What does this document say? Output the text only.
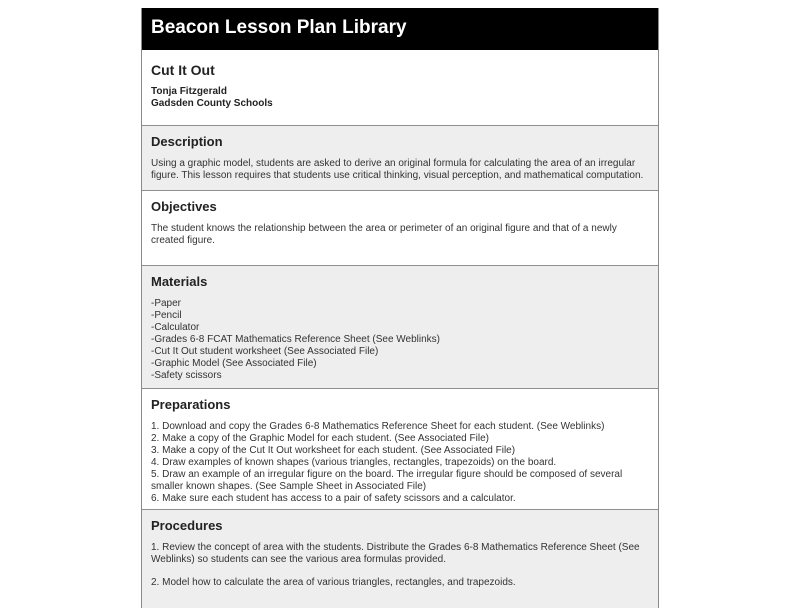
Beacon Lesson Plan Library
Cut It Out
Tonja Fitzgerald
Gadsden County Schools
Description
Using a graphic model, students are asked to derive an original formula for calculating the area of an irregular figure. This lesson requires that students use critical thinking, visual perception, and mathematical computation.
Objectives
The student knows the relationship between the area or perimeter of an original figure and that of a newly created figure.
Materials
-Paper
-Pencil
-Calculator
-Grades 6-8 FCAT Mathematics Reference Sheet (See Weblinks)
-Cut It Out student worksheet (See Associated File)
-Graphic Model (See Associated File)
-Safety scissors
Preparations
1. Download and copy the Grades 6-8 Mathematics Reference Sheet for each student. (See Weblinks)
2. Make a copy of the Graphic Model for each student. (See Associated File)
3. Make a copy of the Cut It Out worksheet for each student. (See Associated File)
4. Draw examples of known shapes (various triangles, rectangles, trapezoids) on the board.
5. Draw an example of an irregular figure on the board. The irregular figure should be composed of several smaller known shapes. (See Sample Sheet in Associated File)
6. Make sure each student has access to a pair of safety scissors and a calculator.
Procedures
1. Review the concept of area with the students. Distribute the Grades 6-8 Mathematics Reference Sheet (See Weblinks) so students can see the various area formulas provided.
2. Model how to calculate the area of various triangles, rectangles, and trapezoids.
